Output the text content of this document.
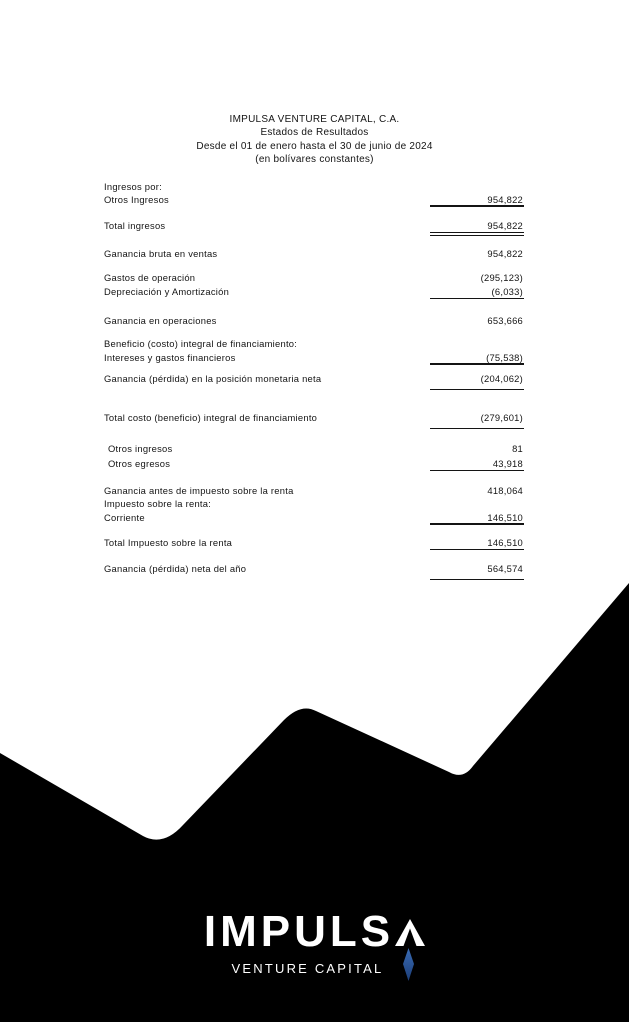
IMPULSA VENTURE CAPITAL, C.A.
Estados de Resultados
Desde el 01 de enero hasta el 30 de junio de 2024
(en bolívares constantes)
Ingresos por:
Otros Ingresos	954,822
Total ingresos	954,822
Ganancia bruta en ventas	954,822
Gastos de operación	(295,123)
Depreciación y Amortización	(6,033)
Ganancia en operaciones	653,666
Beneficio (costo) integral de financiamiento:
Intereses y gastos financieros	(75,538)
Ganancia (pérdida) en la posición monetaria neta	(204,062)
Total costo (beneficio) integral de financiamiento	(279,601)
Otros ingresos	81
Otros egresos	43,918
Ganancia antes de impuesto sobre la renta	418,064
Impuesto sobre la renta:
Corriente	146,510
Total Impuesto sobre la renta	146,510
Ganancia (pérdida) neta del año	564,574
IMPULS
VENTURE CAPITAL
